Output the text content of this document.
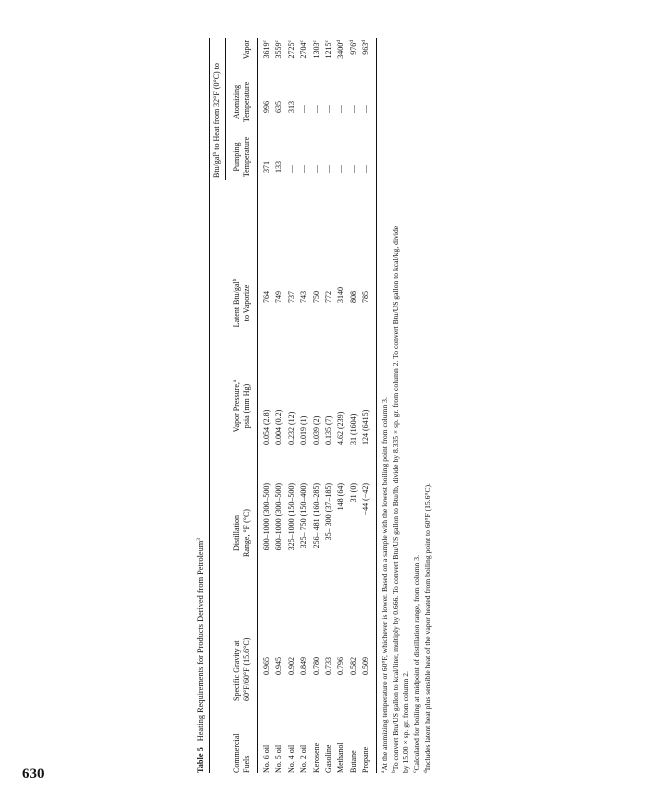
630
Table 5Heating Requirements for Products Derived from Petroleum$^3$
Btu/gal$^b$ to Heat from 32°F (0°C) to
Commercial Fuels
Specific Gravity at 60°F/60°F (15.6°C)
Distillation Range, °F (°C)
Vapor Pressure,$^a$
psia (mm Hg)
Latent Btu/gal$^b$
to Vaporize
Pumping Temperature
Atomizing Temperature
Vapor
No. 6 oil
0.965
600–1000 (300–500)
0.054 (2.8)
764
371
996
3619$^c$
No. 5 oil
0.945
600–1000 (300–500)
0.004 (0.2)
749
133
635
3559$^c$
No. 4 oil
0.902
325–1000 (150–500)
0.232 (12)
737
—
313
2725$^c$
No. 2 oil
0.849
325– 750 (150–400)
0.019 (1)
743
—
—
2704$^c$
Kerosene
0.780
256– 481 (160–285)
0.039 (2)
750
—
—
1303$^c$
Gasoline
0.733
35– 300 (37–185)
0.135 (7)
772
—
—
1215$^c$
Methanol
0.796
148 (64)
4.62 (239)
3140
—
—
3400$^d$
Butane
0.582
31 (0)
31 (1604)
808
—
—
976$^d$
Propane
0.509
−44 (−42)
124 (6415)
785
—
—
963$^d$
$^a$At the atomizing temperature or 60°F, whichever is lower. Based on a sample with the lowest boiling point from column 3.
$^b$To convert Btu/US gallon to kcal/liter, multiply by 0.666. To convert Btu/US gallon to Btu/lb, divide by 8.335 × sp. gr. from column 2. To convert Btu/US gallon to kcal/kg, divide by 15.00 × sp. gr. from column 2. $^c$Calculated for boiling at midpoint of distillation range, from column 3.
$^d$Includes latent heat plus sensible heat of the vapor heated from boiling point to 60°F (15.6°C).
